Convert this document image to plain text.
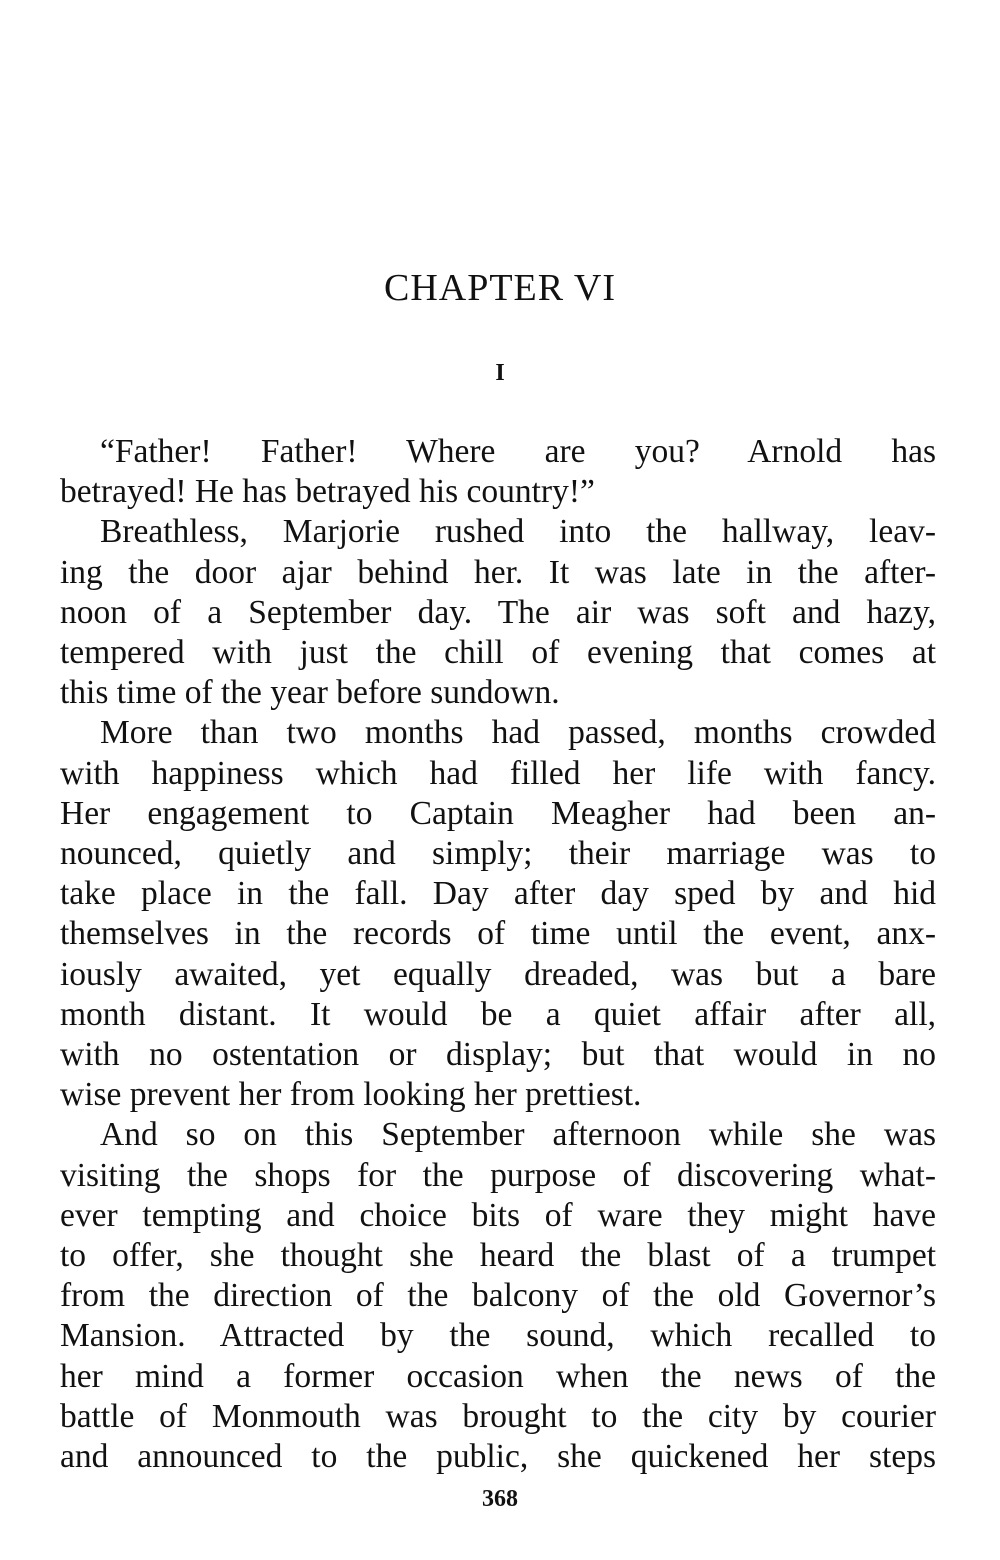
CHAPTER VI
I

“Father! Father! Where are you? Arnold has
betrayed! He has betrayed his country!”

Breathless, Marjorie rushed into the hallway, leav-
ing the door ajar behind her. It was late in the after-
noon of a September day. The air was soft and hazy,
tempered with just the chill of evening that comes at
this time of the year before sundown.

More than two months had passed, months crowded
with happiness which had filled her life with fancy.
Her engagement to Captain Meagher had been an-
nounced, quietly and simply; their marriage was to
take place in the fall. Day after day sped by and hid
themselves in the records of time until the event, anx-
iously awaited, yet equally dreaded, was but a bare
month distant. It would be a quiet affair after all,
with no ostentation or display; but that would in no
wise prevent her from looking her prettiest.

And so on this September afternoon while she was
visiting the shops for the purpose of discovering what-
ever tempting and choice bits of ware they might have
to offer, she thought she heard the blast of a trumpet
from the direction of the balcony of the old Governor’s
Mansion. Attracted by the sound, which recalled to
her mind a former occasion when the news of the
battle of Monmouth was brought to the city by courier
and announced to the public, she quickened her steps

368
